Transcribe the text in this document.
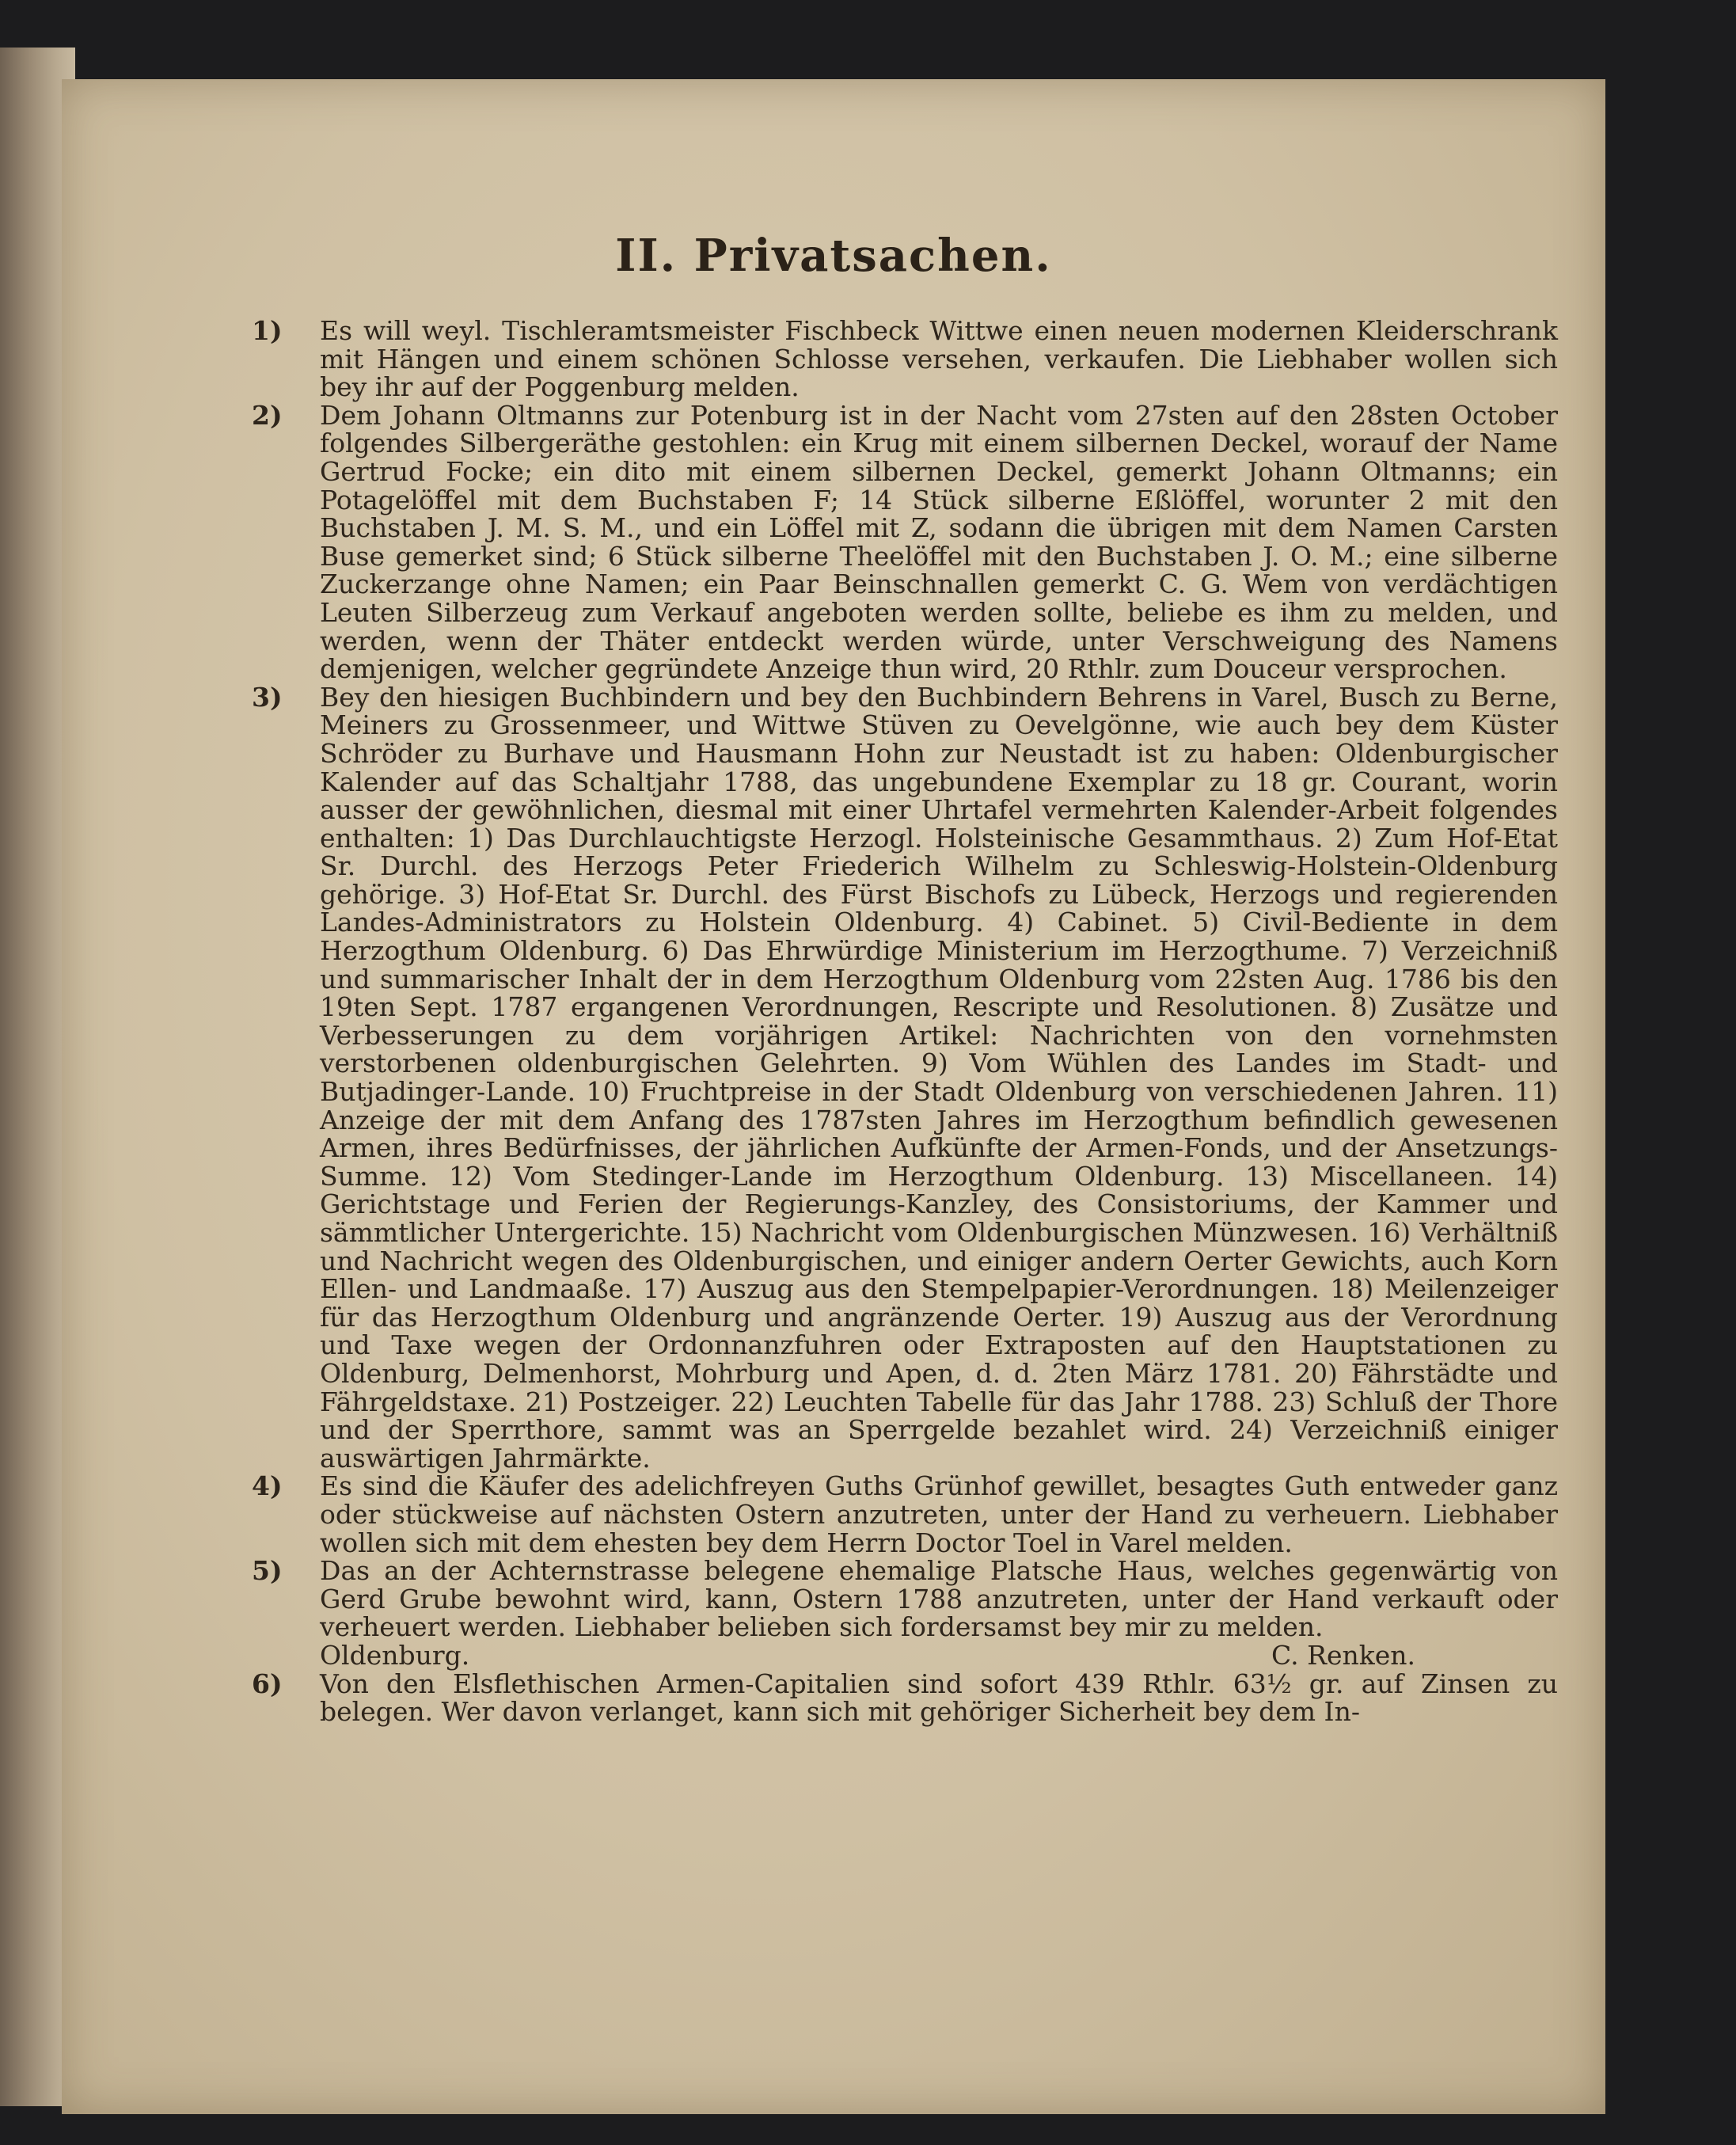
II. Privatsachen.
1)	Es will weyl. Tischleramtsmeister Fischbeck Wittwe einen neuen modernen Kleiderschrank mit Hängen und einem schönen Schlosse versehen, verkaufen. Die Liebhaber wollen sich bey ihr auf der Poggenburg melden.

2)	Dem Johann Oltmanns zur Potenburg ist in der Nacht vom 27sten auf den 28sten October folgendes Silbergeräthe gestohlen: ein Krug mit einem silbernen Deckel, worauf der Name Gertrud Focke; ein dito mit einem silbernen Deckel, gemerkt Johann Oltmanns; ein Potagelöffel mit dem Buchstaben F; 14 Stück silberne Eßlöffel, worunter 2 mit den Buchstaben J. M. S. M., und ein Löffel mit Z, sodann die übrigen mit dem Namen Carsten Buse gemerket sind; 6 Stück silberne Theelöffel mit den Buchstaben J. O. M.; eine silberne Zuckerzange ohne Namen; ein Paar Beinschnallen gemerkt C. G. Wem von verdächtigen Leuten Silberzeug zum Verkauf angeboten werden sollte, beliebe es ihm zu melden, und werden, wenn der Thäter entdeckt werden würde, unter Verschweigung des Namens demjenigen, welcher gegründete Anzeige thun wird, 20 Rthlr. zum Douceur versprochen.

3)	Bey den hiesigen Buchbindern und bey den Buchbindern Behrens in Varel, Busch zu Berne, Meiners zu Grossenmeer, und Wittwe Stüven zu Oevelgönne, wie auch bey dem Küster Schröder zu Burhave und Hausmann Hohn zur Neustadt ist zu haben: Oldenburgischer Kalender auf das Schaltjahr 1788, das ungebundene Exemplar zu 18 gr. Courant, worin ausser der gewöhnlichen, diesmal mit einer Uhrtafel vermehrten Kalender-Arbeit folgendes enthalten: 1) Das Durchlauchtigste Herzogl. Holsteinische Gesammthaus. 2) Zum Hof-Etat Sr. Durchl. des Herzogs Peter Friederich Wilhelm zu Schleswig-Holstein-Oldenburg gehörige. 3) Hof-Etat Sr. Durchl. des Fürst Bischofs zu Lübeck, Herzogs und regierenden Landes-Administrators zu Holstein Oldenburg. 4) Cabinet. 5) Civil-Bediente in dem Herzogthum Oldenburg. 6) Das Ehrwürdige Ministerium im Herzogthume. 7) Verzeichniß und summarischer Inhalt der in dem Herzogthum Oldenburg vom 22sten Aug. 1786 bis den 19ten Sept. 1787 ergangenen Verordnungen, Rescripte und Resolutionen. 8) Zusätze und Verbesserungen zu dem vorjährigen Artikel: Nachrichten von den vornehmsten verstorbenen oldenburgischen Gelehrten. 9) Vom Wühlen des Landes im Stadt- und Butjadinger-Lande. 10) Fruchtpreise in der Stadt Oldenburg von verschiedenen Jahren. 11) Anzeige der mit dem Anfang des 1787sten Jahres im Herzogthum befindlich gewesenen Armen, ihres Bedürfnisses, der jährlichen Aufkünfte der Armen-Fonds, und der Ansetzungs-Summe. 12) Vom Stedinger-Lande im Herzogthum Oldenburg. 13) Miscellaneen. 14) Gerichtstage und Ferien der Regierungs-Kanzley, des Consistoriums, der Kammer und sämmtlicher Untergerichte. 15) Nachricht vom Oldenburgischen Münzwesen. 16) Verhältniß und Nachricht wegen des Oldenburgischen, und einiger andern Oerter Gewichts, auch Korn Ellen- und Landmaaße. 17) Auszug aus den Stempelpapier-Verordnungen. 18) Meilenzeiger für das Herzogthum Oldenburg und angränzende Oerter. 19) Auszug aus der Verordnung und Taxe wegen der Ordonnanzfuhren oder Extraposten auf den Hauptstationen zu Oldenburg, Delmenhorst, Mohrburg und Apen, d. d. 2ten März 1781. 20) Fährstädte und Fährgeldstaxe. 21) Postzeiger. 22) Leuchten Tabelle für das Jahr 1788. 23) Schluß der Thore und der Sperrthore, sammt was an Sperrgelde bezahlet wird. 24) Verzeichniß einiger auswärtigen Jahrmärkte.

4)	Es sind die Käufer des adelichfreyen Guths Grünhof gewillet, besagtes Guth entweder ganz oder stückweise auf nächsten Ostern anzutreten, unter der Hand zu verheuern. Liebhaber wollen sich mit dem ehesten bey dem Herrn Doctor Toel in Varel melden.

5)	Das an der Achternstrasse belegene ehemalige Platsche Haus, welches gegenwärtig von Gerd Grube bewohnt wird, kann, Ostern 1788 anzutreten, unter der Hand verkauft oder verheuert werden. Liebhaber belieben sich fordersamst bey mir zu melden.

Oldenburg.	C. Renken.
6)	Von den Elsflethischen Armen-Capitalien sind sofort 439 Rthlr. 63½ gr. auf Zinsen zu belegen. Wer davon verlanget, kann sich mit gehöriger Sicherheit bey dem In-
